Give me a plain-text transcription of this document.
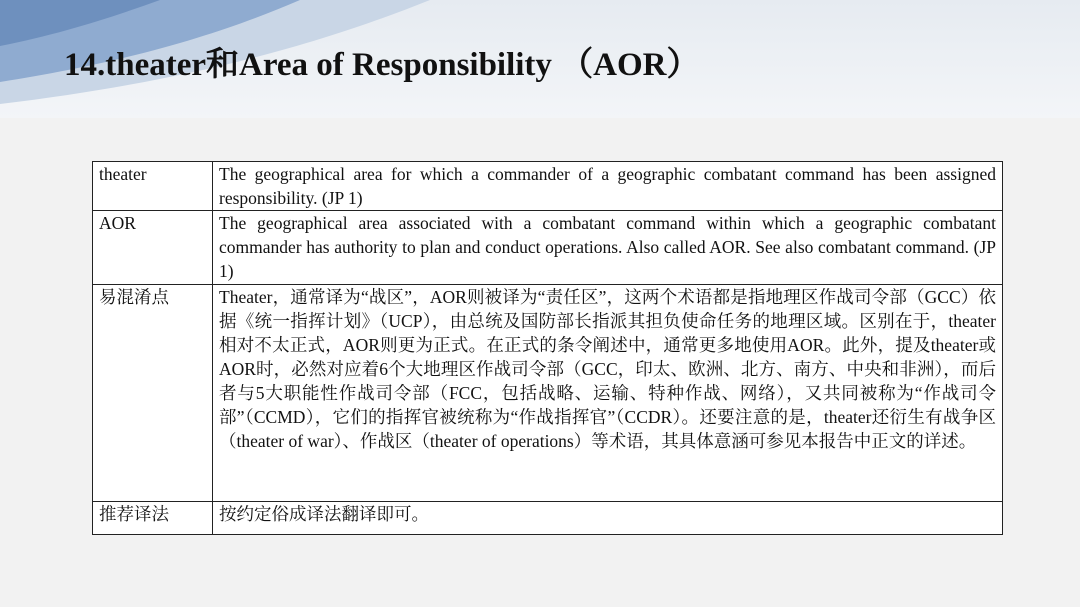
14.theater和Area of Responsibility （AOR）
theater	The geographical area for which a commander of a geographic combatant command has been assigned responsibility. (JP 1)
AOR	The geographical area associated with a combatant command within which a geographic combatant commander has authority to plan and conduct operations. Also called AOR. See also combatant command. (JP 1)
易混淆点	Theater，通常译为“战区”，AOR则被译为“责任区”，这两个术语都是指地理区作战司令部（GCC）依据《统一指挥计划》（UCP），由总统及国防部长指派其担负使命任务的地理区域。区别在于，theater相对不太正式，AOR则更为正式。在正式的条令阐述中，通常更多地使用AOR。此外，提及theater或AOR时，必然对应着6个大地理区作战司令部（GCC，印太、欧洲、北方、南方、中央和非洲），而后者与5大职能性作战司令部（FCC，包括战略、运输、特种作战、网络），又共同被称为“作战司令部”（CCMD），它们的指挥官被统称为“作战指挥官”（CCDR）。还要注意的是，theater还衍生有战争区（theater of war）、作战区（theater of operations）等术语，其具体意涵可参见本报告中正文的详述。
推荐译法	按约定俗成译法翻译即可。
